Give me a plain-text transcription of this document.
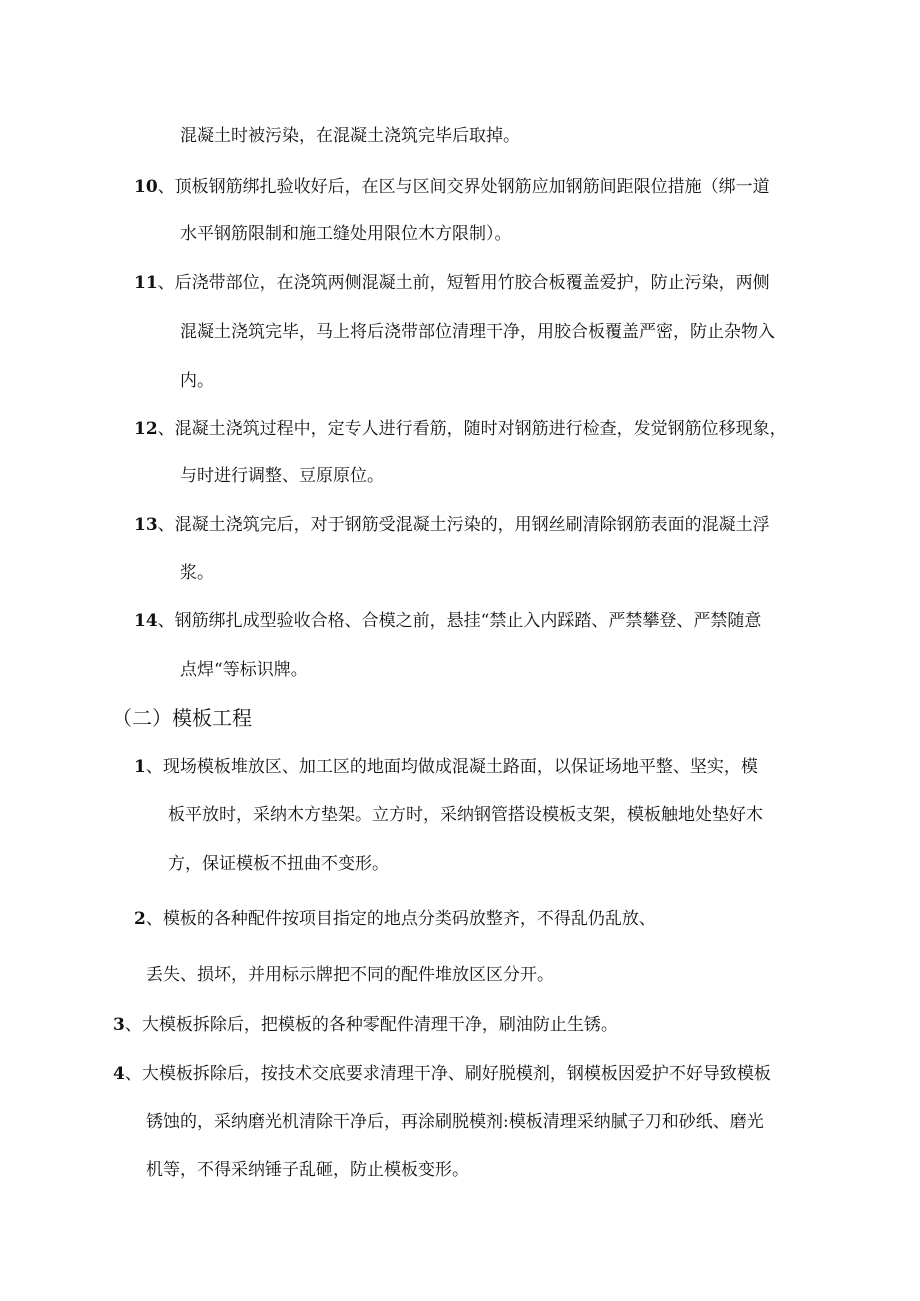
混凝土时被污染，在混凝土浇筑完毕后取掉。
10、顶板钢筋绑扎验收好后，在区与区间交界处钢筋应加钢筋间距限位措施（绑一道
水平钢筋限制和施工缝处用限位木方限制）。
11、后浇带部位，在浇筑两侧混凝土前，短暂用竹胶合板覆盖爱护，防止污染，两侧
混凝土浇筑完毕，马上将后浇带部位清理干净，用胶合板覆盖严密，防止杂物入
内。
12、混凝土浇筑过程中，定专人进行看筋，随时对钢筋进行检查，发觉钢筋位移现象，
与时进行调整、豆原原位。
13、混凝土浇筑完后，对于钢筋受混凝土污染的，用钢丝刷清除钢筋表面的混凝土浮
浆。
14、钢筋绑扎成型验收合格、合模之前，悬挂“禁止入内踩踏、严禁攀登、严禁随意
点焊“等标识牌。
（二）模板工程
1、现场模板堆放区、加工区的地面均做成混凝土路面，以保证场地平整、坚实，模
板平放时，采纳木方垫架。立方时，采纳钢管搭设模板支架，模板触地处垫好木
方，保证模板不扭曲不变形。
2、模板的各种配件按项目指定的地点分类码放整齐，不得乱仍乱放、
丢失、损坏，并用标示牌把不同的配件堆放区区分开。
3、大模板拆除后，把模板的各种零配件清理干净，刷油防止生锈。
4、大模板拆除后，按技术交底要求清理干净、刷好脱模剂，钢模板因爱护不好导致模板
锈蚀的，采纳磨光机清除干净后，再涂刷脱模剂:模板清理采纳腻子刀和砂纸、磨光
机等，不得采纳锤子乱砸，防止模板变形。
